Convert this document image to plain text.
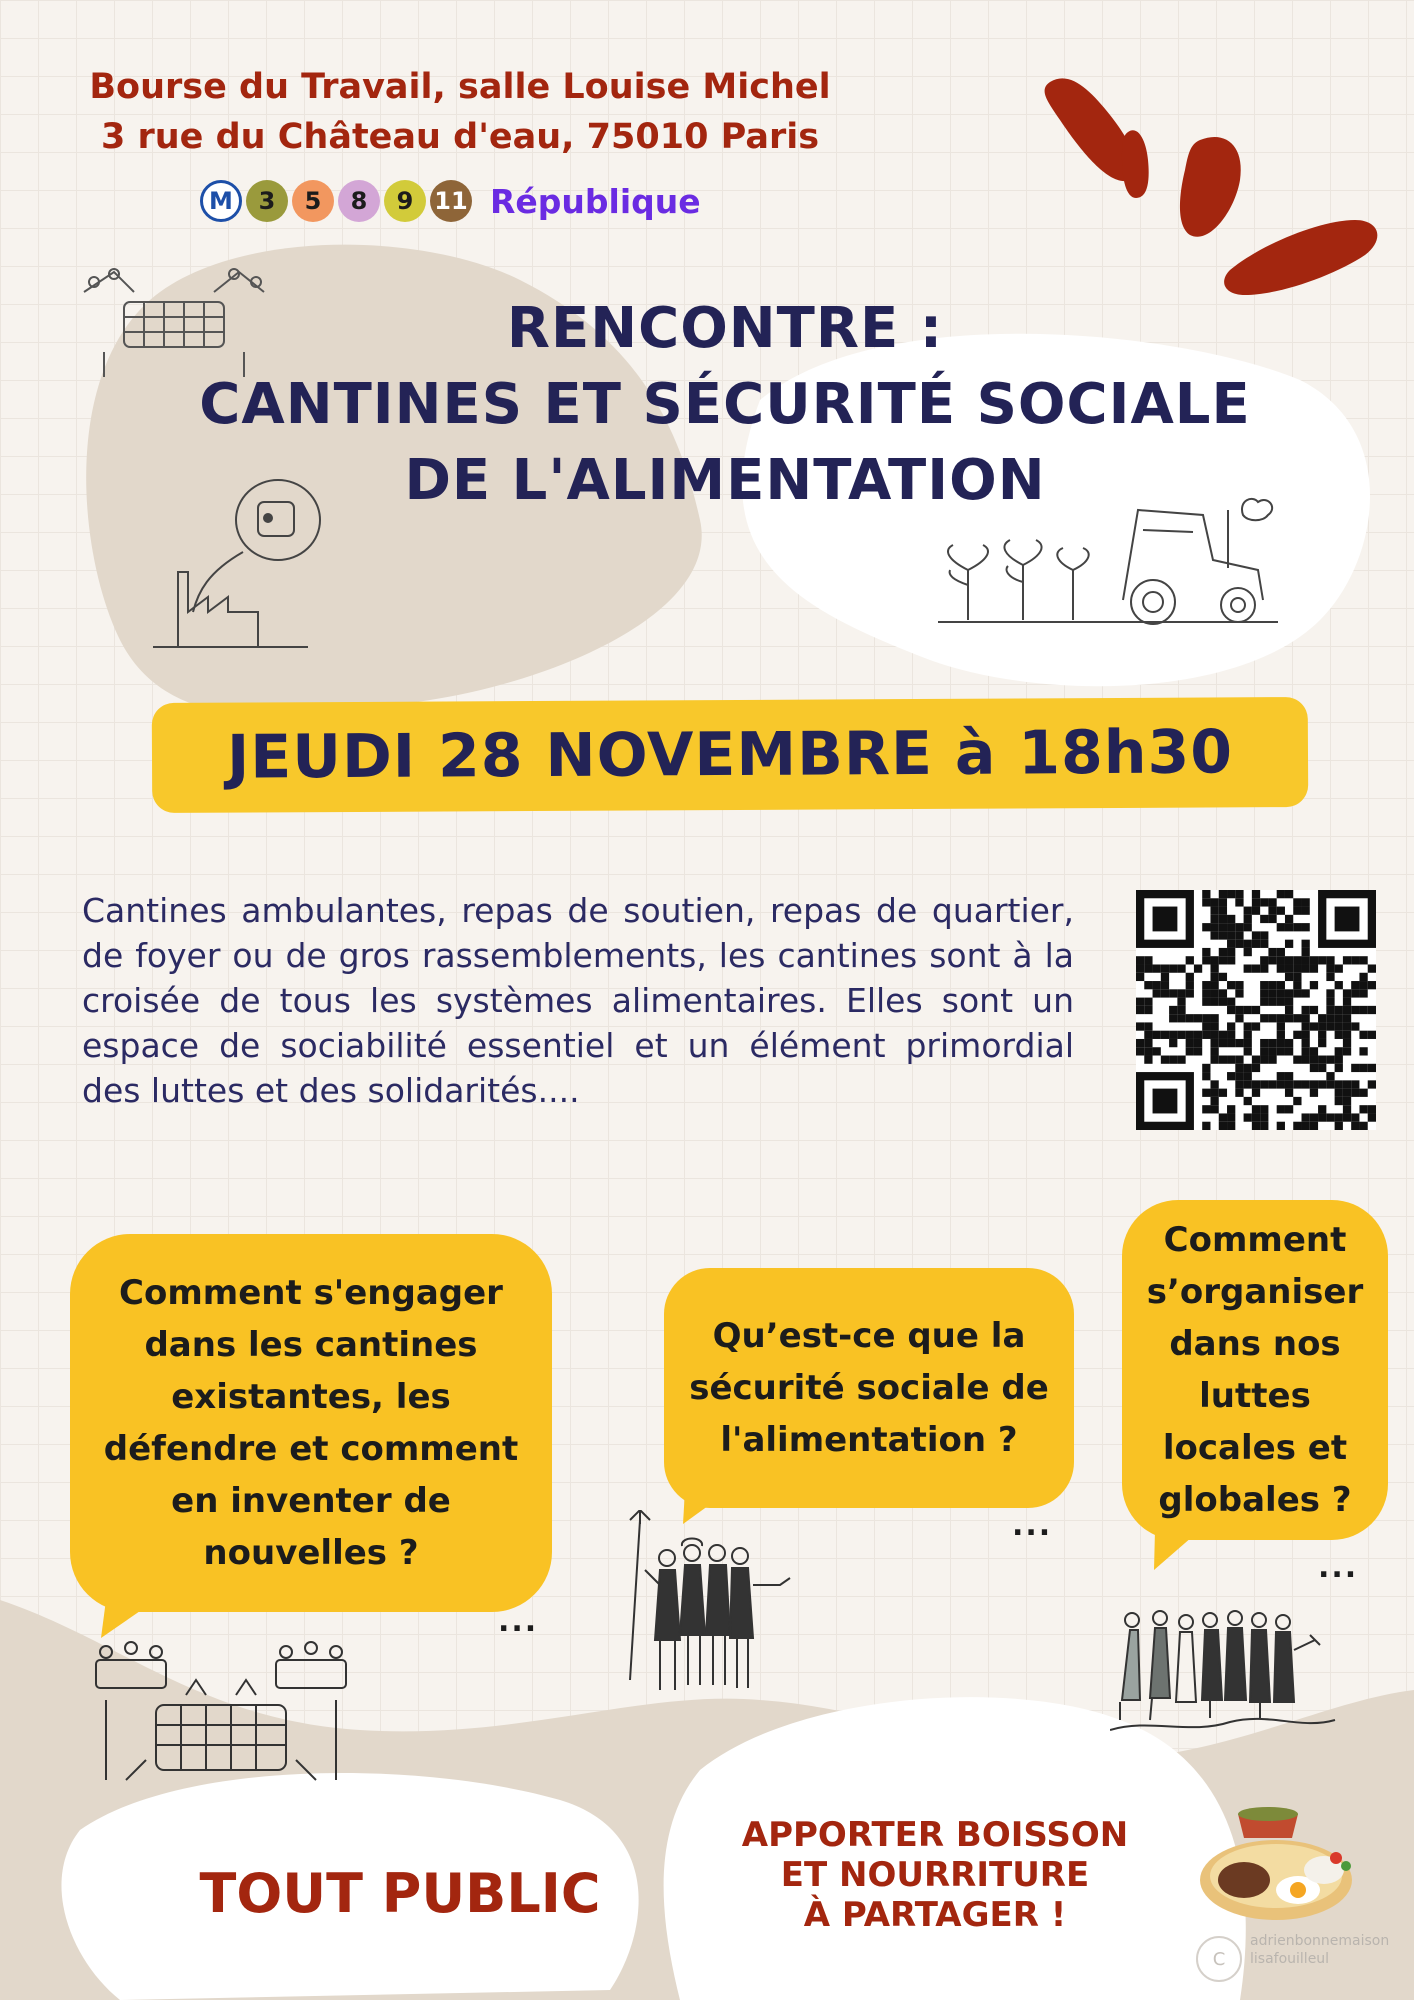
Bourse du Travail, salle Louise Michel
3 rue du Château d'eau, 75010 Paris
M	3	5	8	9 11 République
RENCONTRE :
CANTINES ET SÉCURITÉ SOCIALE
DE L'ALIMENTATION
JEUDI 28 NOVEMBRE à 18h30
Cantines ambulantes, repas de soutien, repas de quartier, de foyer ou de gros rassemblements, les cantines sont à la croisée de tous les systèmes alimentaires. Elles sont un espace de sociabilité essentiel et un élément primordial des luttes et des solidarités....
Comment s'engager dans les cantines existantes, les défendre et comment en inventer de nouvelles ?
...
Qu’est-ce que la sécurité sociale de l'alimentation ?
...
Comment s’organiser dans nos luttes locales et globales ?
...
TOUT PUBLIC
APPORTER BOISSON
ET NOURRITURE
À PARTAGER !
C
adrienbonnemaison
lisafouilleul
